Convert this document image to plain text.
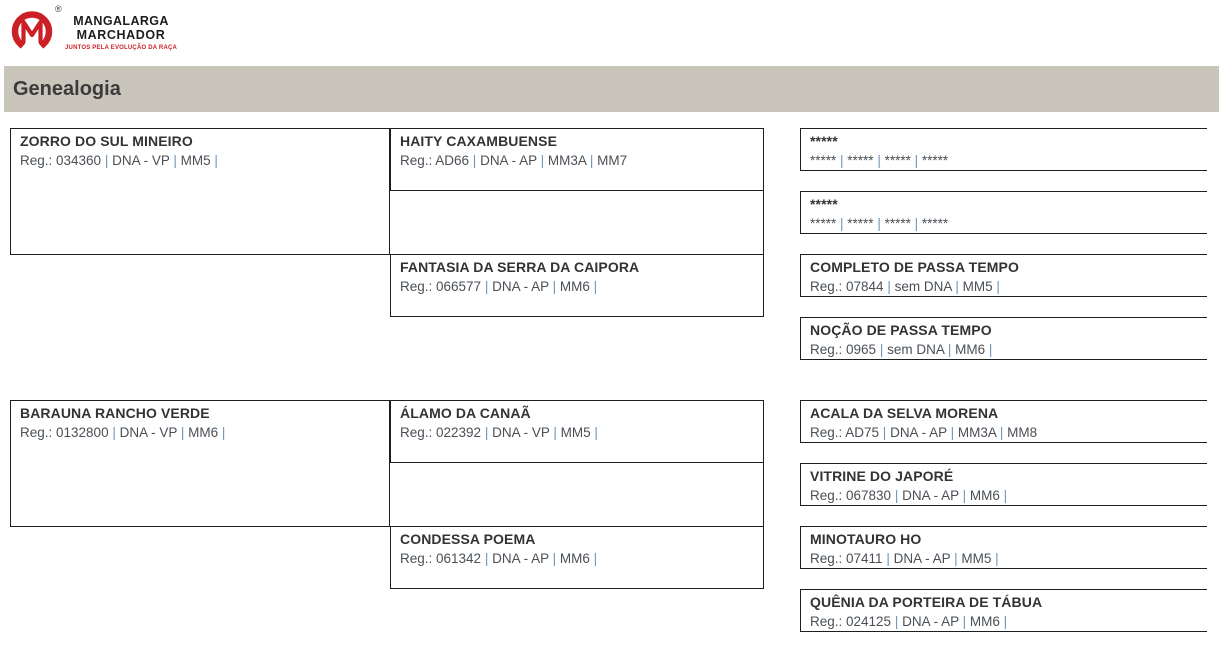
®
MANGALARGA
MARCHADOR
JUNTOS PELA EVOLUÇÃO DA RAÇA
Genealogia
ZORRO DO SUL MINEIRO
Reg.: 034360 | DNA - VP | MM5 |
HAITY CAXAMBUENSE
Reg.: AD66 | DNA - AP | MM3A | MM7
FANTASIA DA SERRA DA CAIPORA
Reg.: 066577 | DNA - AP | MM6 |
*****
***** | ***** | ***** | *****
*****
***** | ***** | ***** | *****
COMPLETO DE PASSA TEMPO
Reg.: 07844 | sem DNA | MM5 |
NOÇÃO DE PASSA TEMPO
Reg.: 0965 | sem DNA | MM6 |
BARAUNA RANCHO VERDE
Reg.: 0132800 | DNA - VP | MM6 |
ÁLAMO DA CANAÃ
Reg.: 022392 | DNA - VP | MM5 |
CONDESSA POEMA
Reg.: 061342 | DNA - AP | MM6 |
ACALA DA SELVA MORENA
Reg.: AD75 | DNA - AP | MM3A | MM8
VITRINE DO JAPORÉ
Reg.: 067830 | DNA - AP | MM6 |
MINOTAURO HO
Reg.: 07411 | DNA - AP | MM5 |
QUÊNIA DA PORTEIRA DE TÁBUA
Reg.: 024125 | DNA - AP | MM6 |
